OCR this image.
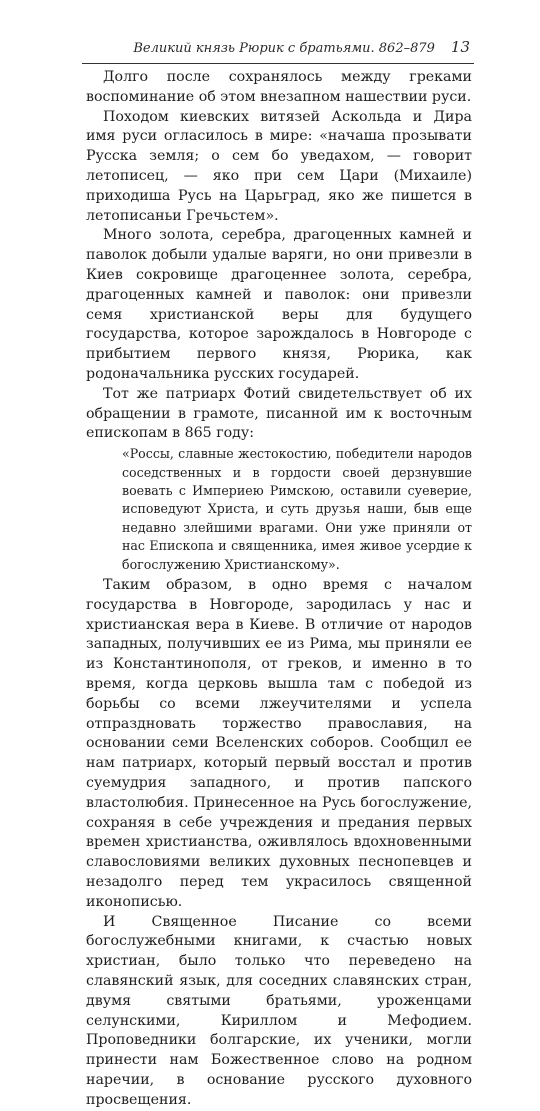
Великий князь Рюрик с братьями. 862–879 13

Долго после сохранялось между греками воспоминание об этом внезапном нашествии руси.

Походом киевских витязей Аскольда и Дира имя руси огласилось в мире: «начаша прозывати Русска земля; о сем бо уведахом, — говорит летописец, — яко при сем Цари (Михаиле) приходиша Русь на Царьград, яко же пишется в летописаньи Гречьстем».

Много золота, серебра, драгоценных камней и паволок добыли удалые варяги, но они привезли в Киев сокровище драгоценнее золота, серебра, драгоценных камней и паволок: они привезли семя христианской веры для будущего государства, которое зарождалось в Новгороде с прибытием первого князя, Рюрика, как родоначальника русских государей.

Тот же патриарх Фотий свидетельствует об их обращении в грамоте, писанной им к восточным епископам в 865 году:

«Россы, славные жестокостию, победители народов соседственных и в гордости своей дерзнувшие воевать с Империею Римскою, оставили суеверие, исповедуют Христа, и суть друзья наши, быв еще недавно злейшими врагами. Они уже приняли от нас Епископа и священника, имея живое усердие к богослужению Христианскому».

Таким образом, в одно время с началом государства в Новгороде, зародилась у нас и христианская вера в Киеве. В отличие от народов западных, получивших ее из Рима, мы приняли ее из Константинополя, от греков, и именно в то время, когда церковь вышла там с победой из борьбы со всеми лжеучителями и успела отпраздновать торжество православия, на основании семи Вселенских соборов. Сообщил ее нам патриарх, который первый восстал и против суемудрия западного, и против папского властолюбия. Принесенное на Русь богослужение, сохраняя в себе учреждения и предания первых времен христианства, оживлялось вдохновенными славословиями великих духовных песнопевцев и незадолго перед тем украсилось священной иконописью.

И Священное Писание со всеми богослужебными книгами, к счастью новых христиан, было только что переведено на славянский язык, для соседних славянских стран, двумя святыми братьями, уроженцами селунскими, Кириллом и Мефодием. Проповедники болгарские, их ученики, могли принести нам Божественное слово на родном наречии, в основание русского духовного просвещения.
